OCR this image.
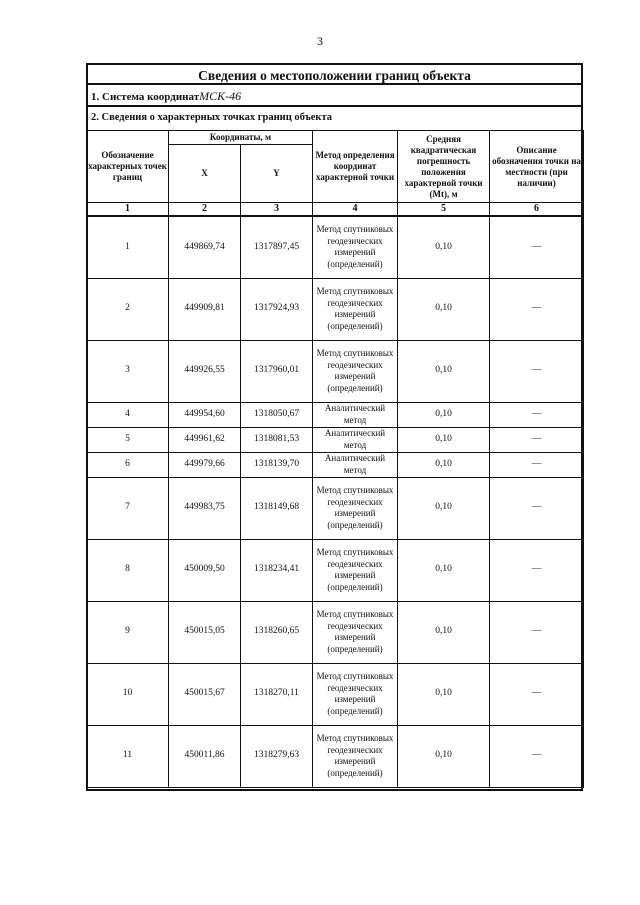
3
Сведения о местоположении границ объекта
1. Система координатМСК-46
2. Сведения о характерных точках границ объекта
Обозначение характерных точек границ	Координаты, м		Метод определения координат характерной точки	Средняя квадратическая погрешность положения характерной точки (Mt), м	Описание обозначения точки на местности (при наличии)
	X	Y			
1	2	3	4	5	6
1	449869,74	1317897,45	Метод спутниковых геодезических измерений (определений)	0,10	—
2	449909,81	1317924,93	Метод спутниковых геодезических измерений (определений)	0,10	—
3	449926,55	1317960,01	Метод спутниковых геодезических измерений (определений)	0,10	—
4	449954,60	1318050,67	Аналитический метод	0,10	—
5	449961,62	1318081,53	Аналитический метод	0,10	—
6	449979,66	1318139,70	Аналитический метод	0,10	—
7	449983,75	1318149,68	Метод спутниковых геодезических измерений (определений)	0,10	—
8	450009,50	1318234,41	Метод спутниковых геодезических измерений (определений)	0,10	—
9	450015,05	1318260,65	Метод спутниковых геодезических измерений (определений)	0,10	—
10	450015,67	1318270,11	Метод спутниковых геодезических измерений (определений)	0,10	—
11	450011,86	1318279,63	Метод спутниковых геодезических измерений (определений)	0,10	—
